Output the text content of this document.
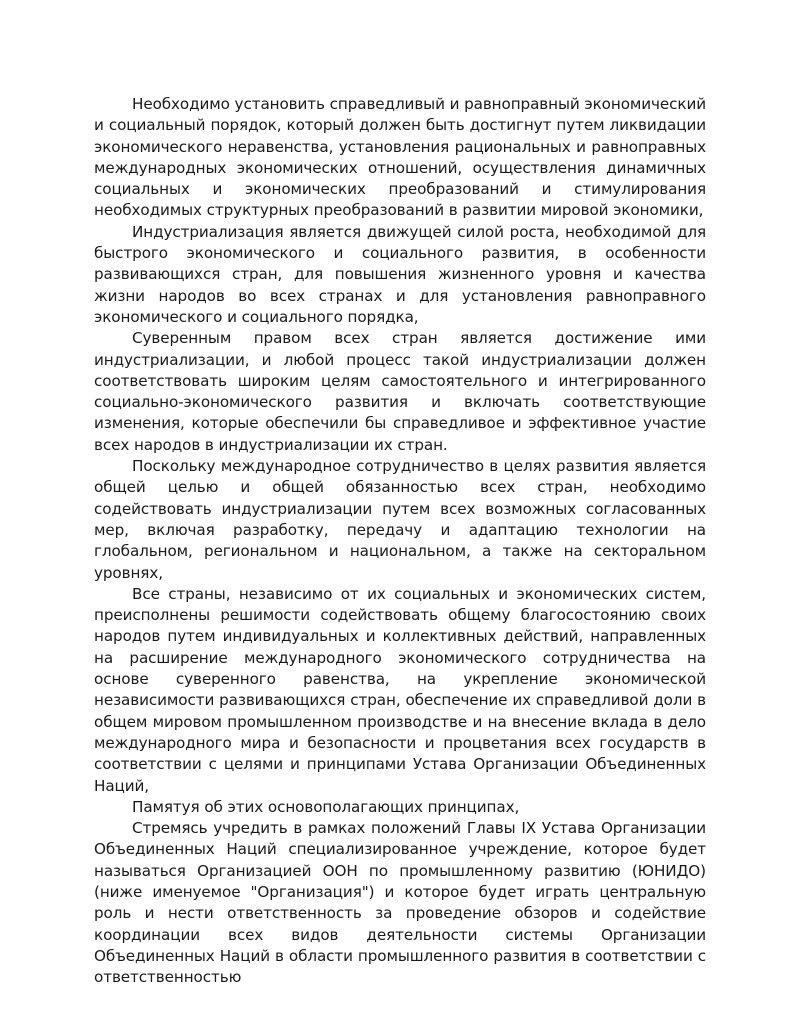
Необходимо установить справедливый и равноправный экономический и социальный порядок, который должен быть достигнут путем ликвидации экономического неравенства, установления рациональных и равноправных международных экономических отношений, осуществления динамичных социальных и экономических преобразований и стимулирования необходимых структурных преобразований в развитии мировой экономики,

Индустриализация является движущей силой роста, необходимой для быстрого экономического и социального развития, в особенности развивающихся стран, для повышения жизненного уровня и качества жизни народов во всех странах и для установления равноправного экономического и социального порядка,

Суверенным правом всех стран является достижение ими индустриализации, и любой процесс такой индустриализации должен соответствовать широким целям самостоятельного и интегрированного социально-экономического развития и включать соответствующие изменения, которые обеспечили бы справедливое и эффективное участие всех народов в индустриализации их стран.

Поскольку международное сотрудничество в целях развития является общей целью и общей обязанностью всех стран, необходимо содействовать индустриализации путем всех возможных согласованных мер, включая разработку, передачу и адаптацию технологии на глобальном, региональном и национальном, а также на секторальном уровнях,

Все страны, независимо от их социальных и экономических систем, преисполнены решимости содействовать общему благосостоянию своих народов путем индивидуальных и коллективных действий, направленных на расширение международного экономического сотрудничества на основе суверенного равенства, на укрепление экономической независимости развивающихся стран, обеспечение их справедливой доли в общем мировом промышленном производстве и на внесение вклада в дело международного мира и безопасности и процветания всех государств в соответствии с целями и принципами Устава Организации Объединенных Наций,

Памятуя об этих основополагающих принципах,

Стремясь учредить в рамках положений Главы IX Устава Организации Объединенных Наций специализированное учреждение, которое будет называться Организацией ООН по промышленному развитию (ЮНИДО) (ниже именуемое "Организация") и которое будет играть центральную роль и нести ответственность за проведение обзоров и содействие координации всех видов деятельности системы Организации Объединенных Наций в области промышленного развития в соответствии с ответственностью
